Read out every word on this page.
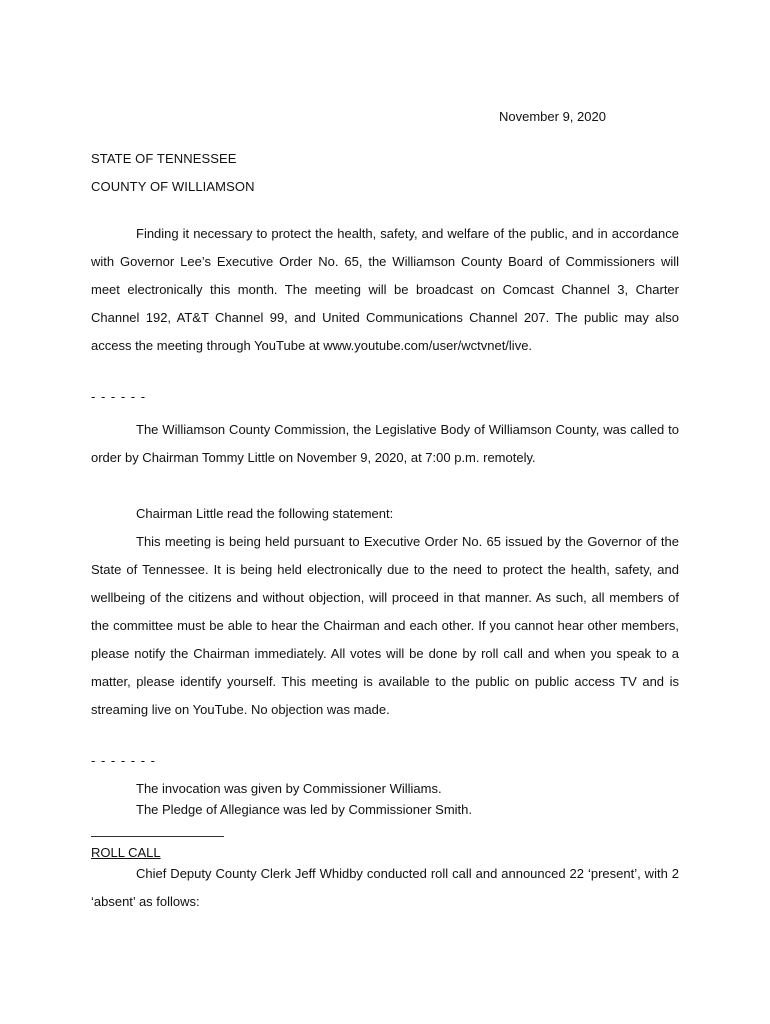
November 9, 2020
STATE OF TENNESSEE
COUNTY OF WILLIAMSON
Finding it necessary to protect the health, safety, and welfare of the public, and in accordance with Governor Lee’s Executive Order No. 65, the Williamson County Board of Commissioners will meet electronically this month. The meeting will be broadcast on Comcast Channel 3, Charter Channel 192, AT&T Channel 99, and United Communications Channel 207. The public may also access the meeting through YouTube at www.youtube.com/user/wctvnet/live.
- - - - - -
The Williamson County Commission, the Legislative Body of Williamson County, was called to order by Chairman Tommy Little on November 9, 2020, at 7:00 p.m. remotely.
Chairman Little read the following statement:
This meeting is being held pursuant to Executive Order No. 65 issued by the Governor of the State of Tennessee. It is being held electronically due to the need to protect the health, safety, and wellbeing of the citizens and without objection, will proceed in that manner. As such, all members of the committee must be able to hear the Chairman and each other. If you cannot hear other members, please notify the Chairman immediately. All votes will be done by roll call and when you speak to a matter, please identify yourself. This meeting is available to the public on public access TV and is streaming live on YouTube. No objection was made.
- - - - - - -
The invocation was given by Commissioner Williams.
The Pledge of Allegiance was led by Commissioner Smith.
ROLL CALL
Chief Deputy County Clerk Jeff Whidby conducted roll call and announced 22 ‘present’, with 2 ‘absent’ as follows:
